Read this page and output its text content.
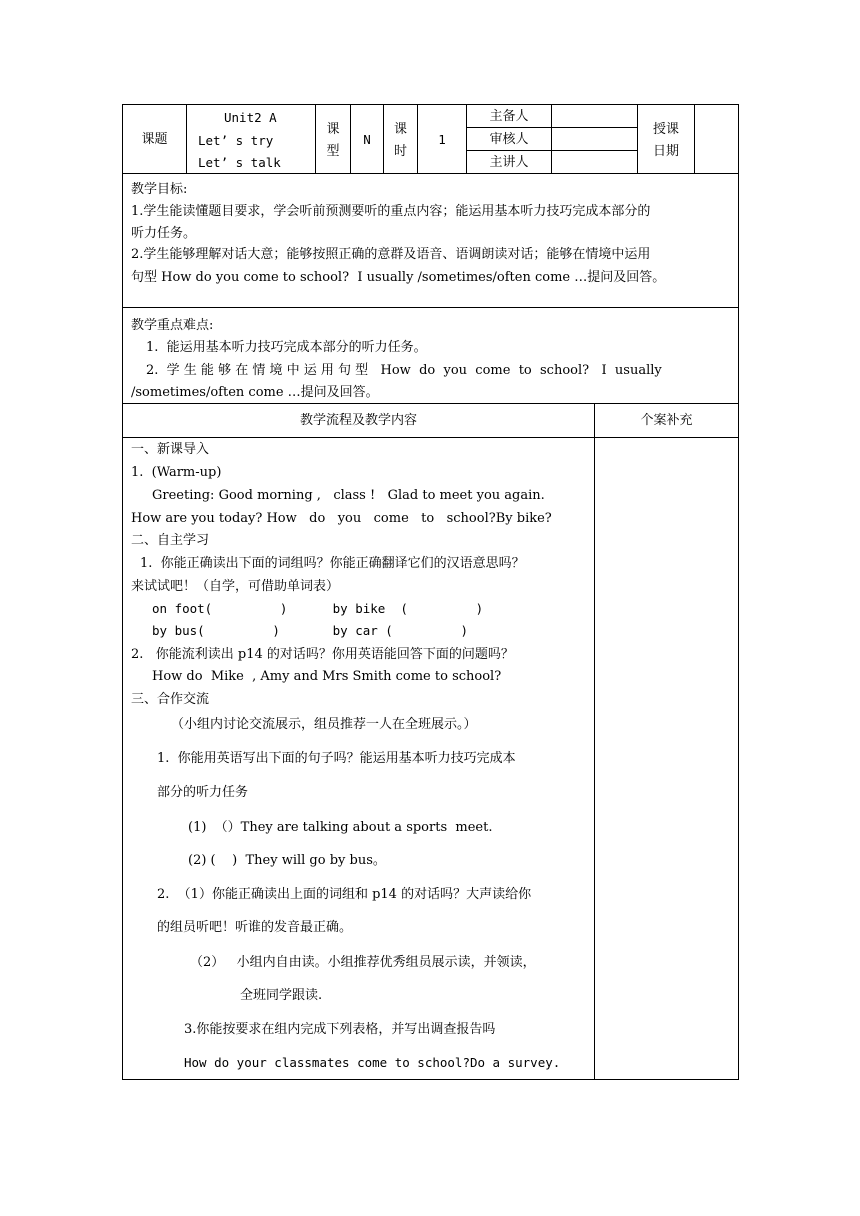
课题
Unit2 A
Let’ s try
Let’ s talk
课
型
N
课
时
1
主备人
审核人
主讲人
授课
日期
教学目标:
1.学生能读懂题目要求，学会听前预测要听的重点内容；能运用基本听力技巧完成本部分的
听力任务。
2.学生能够理解对话大意；能够按照正确的意群及语音、语调朗读对话；能够在情境中运用
句型 How do you come to school?  I usually /sometimes/often come …提问及回答。
教学重点难点:
1.  能运用基本听力技巧完成本部分的听力任务。
2.  学 生 能 够 在 情 境 中 运 用 句 型   How  do  you  come  to  school?   I  usually
/sometimes/often come …提问及回答。
教学流程及教学内容	个案补充
一、新课导入
1.  (Warm-up)
Greeting: Good morning ,   class !   Glad to meet you again.
How are you today? How   do   you   come   to   school?By bike?
二、自主学习
1.  你能正确读出下面的词组吗？你能正确翻译它们的汉语意思吗？
来试试吧！（自学，可借助单词表）
on foot(         )      by bike  (         )
by bus(         )       by car (         )
2.   你能流利读出 p14 的对话吗？你用英语能回答下面的问题吗？
How do  Mike  , Amy and Mrs Smith come to school?
三、合作交流
（小组内讨论交流展示，组员推荐一人在全班展示。）
1.  你能用英语写出下面的句子吗？能运用基本听力技巧完成本
部分的听力任务
(1)  （）They are talking about a sports  meet.
(2) (    )  They will go by bus。
2.  （1）你能正确读出上面的词组和 p14 的对话吗？大声读给你
的组员听吧！听谁的发音最正确。
（2）   小组内自由读。小组推荐优秀组员展示读，并领读，
全班同学跟读.
3.你能按要求在组内完成下列表格，并写出调查报告吗
How do your classmates come to school?Do a survey.
